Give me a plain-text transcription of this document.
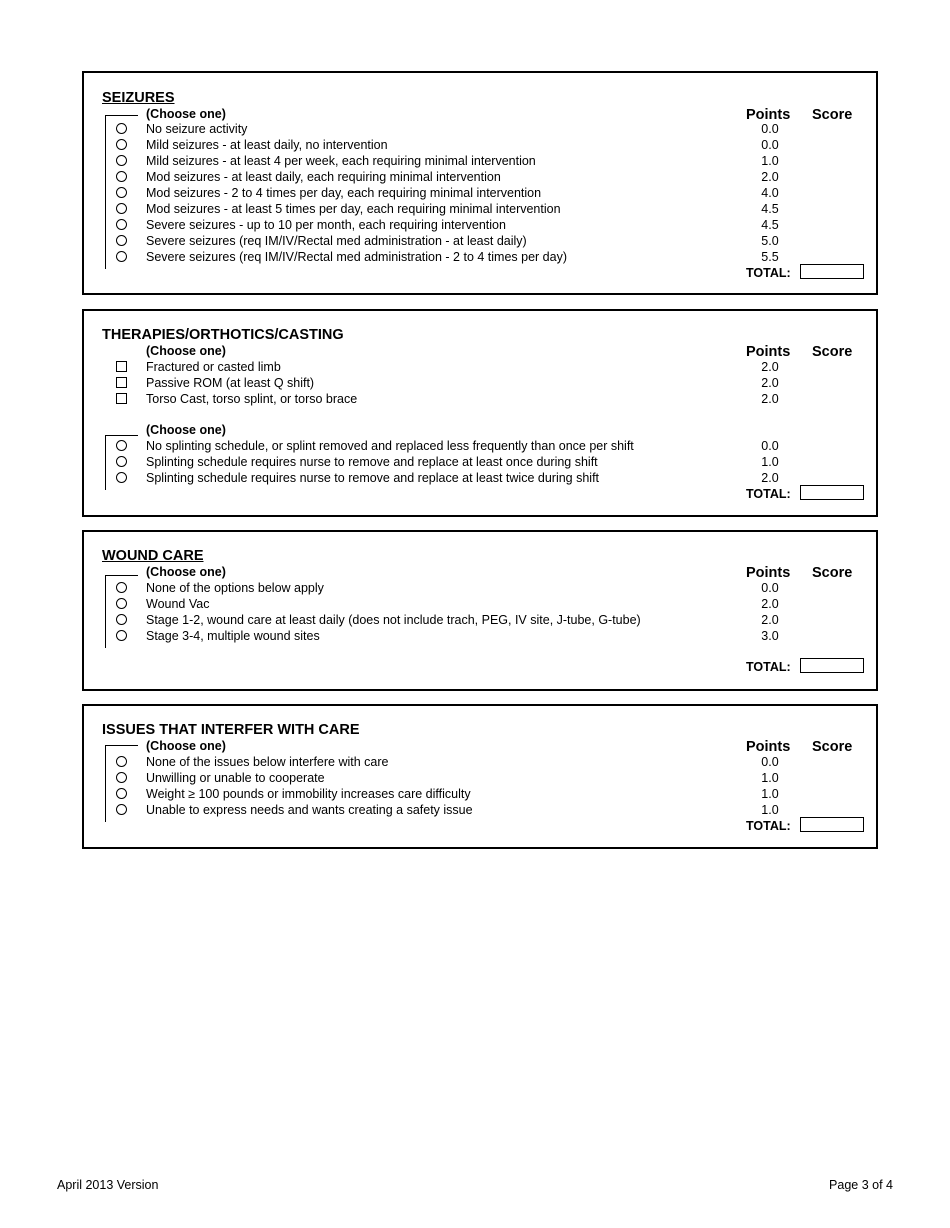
SEIZURES
(Choose one)	Points Score
No seizure activity	0.0
Mild seizures - at least daily, no intervention	0.0
Mild seizures - at least 4 per week, each requiring minimal intervention	1.0
Mod seizures - at least daily, each requiring minimal intervention	2.0
Mod seizures - 2 to 4 times per day, each requiring minimal intervention	4.0
Mod seizures - at least 5 times per day, each requiring minimal intervention	4.5
Severe seizures - up to 10 per month, each requiring intervention	4.5
Severe seizures (req IM/IV/Rectal med administration - at least daily)	5.0
Severe seizures (req IM/IV/Rectal med administration - 2 to 4 times per day)	5.5
TOTAL:
THERAPIES/ORTHOTICS/CASTING
(Choose one)	Points Score
Fractured or casted limb	2.0
Passive ROM (at least Q shift)	2.0
Torso Cast, torso splint, or torso brace	2.0
(Choose one)
No splinting schedule, or splint removed and replaced less frequently than once per shift	0.0
Splinting schedule requires nurse to remove and replace at least once during shift	1.0
Splinting schedule requires nurse to remove and replace at least twice during shift	2.0
TOTAL:
WOUND CARE
(Choose one)	Points Score
None of the options below apply	0.0
Wound Vac	2.0
Stage 1-2, wound care at least daily (does not include trach, PEG, IV site, J-tube, G-tube)	2.0
Stage 3-4, multiple wound sites	3.0
TOTAL:
ISSUES THAT INTERFER WITH CARE
(Choose one)	Points Score
None of the issues below interfere with care	0.0
Unwilling or unable to cooperate	1.0
Weight ≥ 100 pounds or immobility increases care difficulty	1.0
Unable to express needs and wants creating a safety issue	1.0
TOTAL:
April 2013 Version	Page 3 of 4
